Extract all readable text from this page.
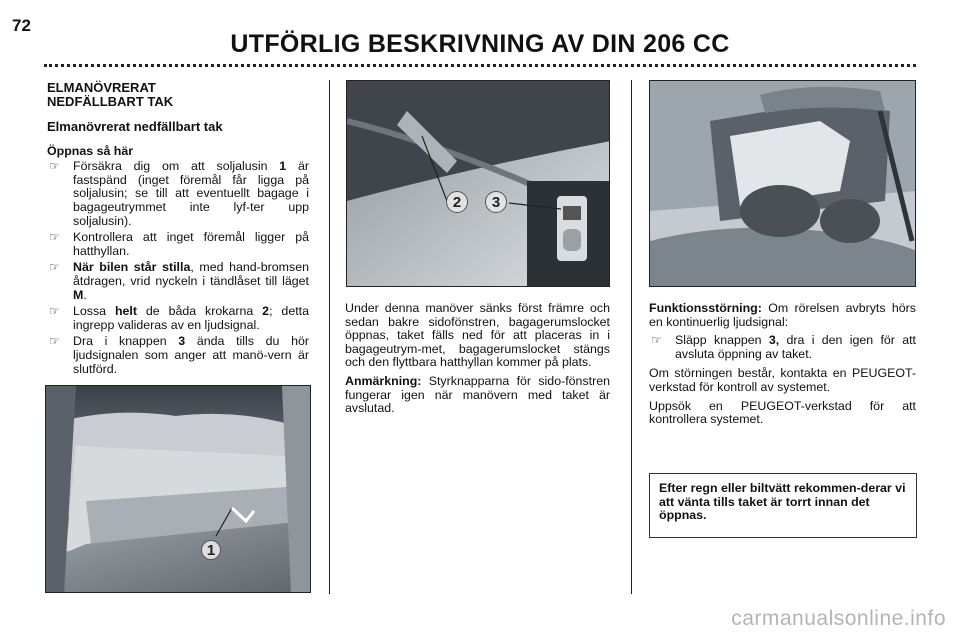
72
UTFÖRLIG BESKRIVNING AV DIN 206 CC
ELMANÖVRERAT
NEDFÄLLBART TAK
Elmanövrerat nedfällbart tak
Öppnas så här
☞ Försäkra dig om att soljalusin 1 är fastspänd (inget föremål får ligga på soljalusin; se till att eventuellt bagage i bagageutrymmet inte lyf-ter upp soljalusin).
☞ Kontrollera att inget föremål ligger på hatthyllan.
☞ När bilen står stilla, med hand-bromsen åtdragen, vrid nyckeln i tändlåset till läget M.
☞ Lossa helt de båda krokarna 2; detta ingrepp valideras av en ljudsignal.
☞ Dra i knappen 3 ända tills du hör ljudsignalen som anger att manö-vern är slutförd.
1
2	3

Under denna manöver sänks först främre och sedan bakre sidofönstren, bagagerumslocket öppnas, taket fälls ned för att placeras in i bagageutrym-met, bagagerumslocket stängs och den flyttbara hatthyllan kommer på plats.

Anmärkning: Styrknapparna för sido-fönstren fungerar igen när manövern med taket är avslutad.

Funktionsstörning: Om rörelsen avbryts hörs en kontinuerlig ljudsignal:

☞ Släpp knappen 3, dra i den igen för att avsluta öppning av taket.

Om störningen består, kontakta en PEUGEOT-verkstad för kontroll av systemet.

Uppsök en PEUGEOT-verkstad för att kontrollera systemet.

Efter regn eller biltvätt rekommen-derar vi att vänta tills taket är torrt innan det öppnas.
carmanualsonline.info
